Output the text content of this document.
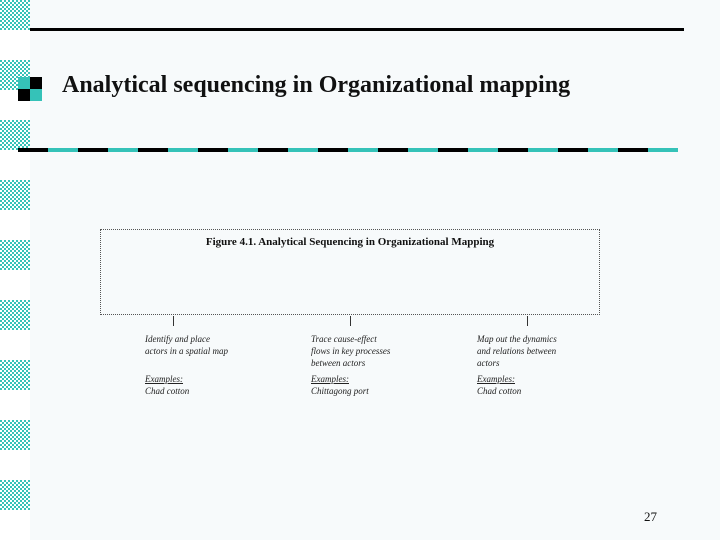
Analytical sequencing in Organizational mapping
Figure 4.1. Analytical Sequencing in Organizational Mapping
Identify and place
actors in a spatial map
Examples:
Chad cotton
Trace cause-effect
flows in key processes
between actors
Examples:
Chittagong port
Map out the dynamics
and relations between
actors
Examples:
Chad cotton
27
